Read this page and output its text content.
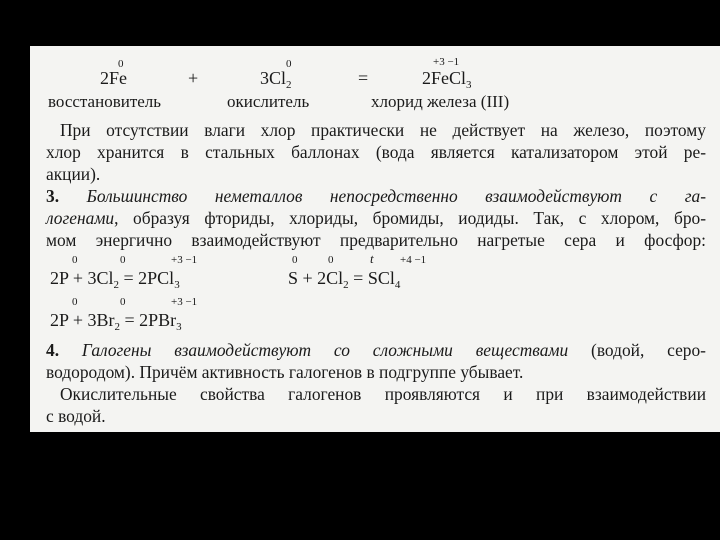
0	0	+3 −1
2Fe	+	$3Cl_2$	=	2FeCl$_3$
восстановитель	окислитель	хлорид железа (III)
При отсутствии влаги хлор практически не действует на железо, поэтому
хлор хранится в стальных баллонах (вода является катализатором этой ре-
акции).
3. Большинство неметаллов непосредственно взаимодействуют с га-
логенами, образуя фториды, хлориды, бромиды, иодиды. Так, с хлором, бро-
мом энергично взаимодействуют предварительно нагретые сера и фосфор:
0	0	+3 −1
$2P + 3Cl_2 = 2PCl_3$
0	0	t +4 −1
$S + 2Cl_2 = SCl_4$
0	0	+3 −1
$2P + 3Br_2 = 2PBr_3$
4. Галогены взаимодействуют со сложными веществами (водой, серо-
водородом). Причём активность галогенов в подгруппе убывает.
Окислительные свойства галогенов проявляются и при взаимодействии
с водой.
